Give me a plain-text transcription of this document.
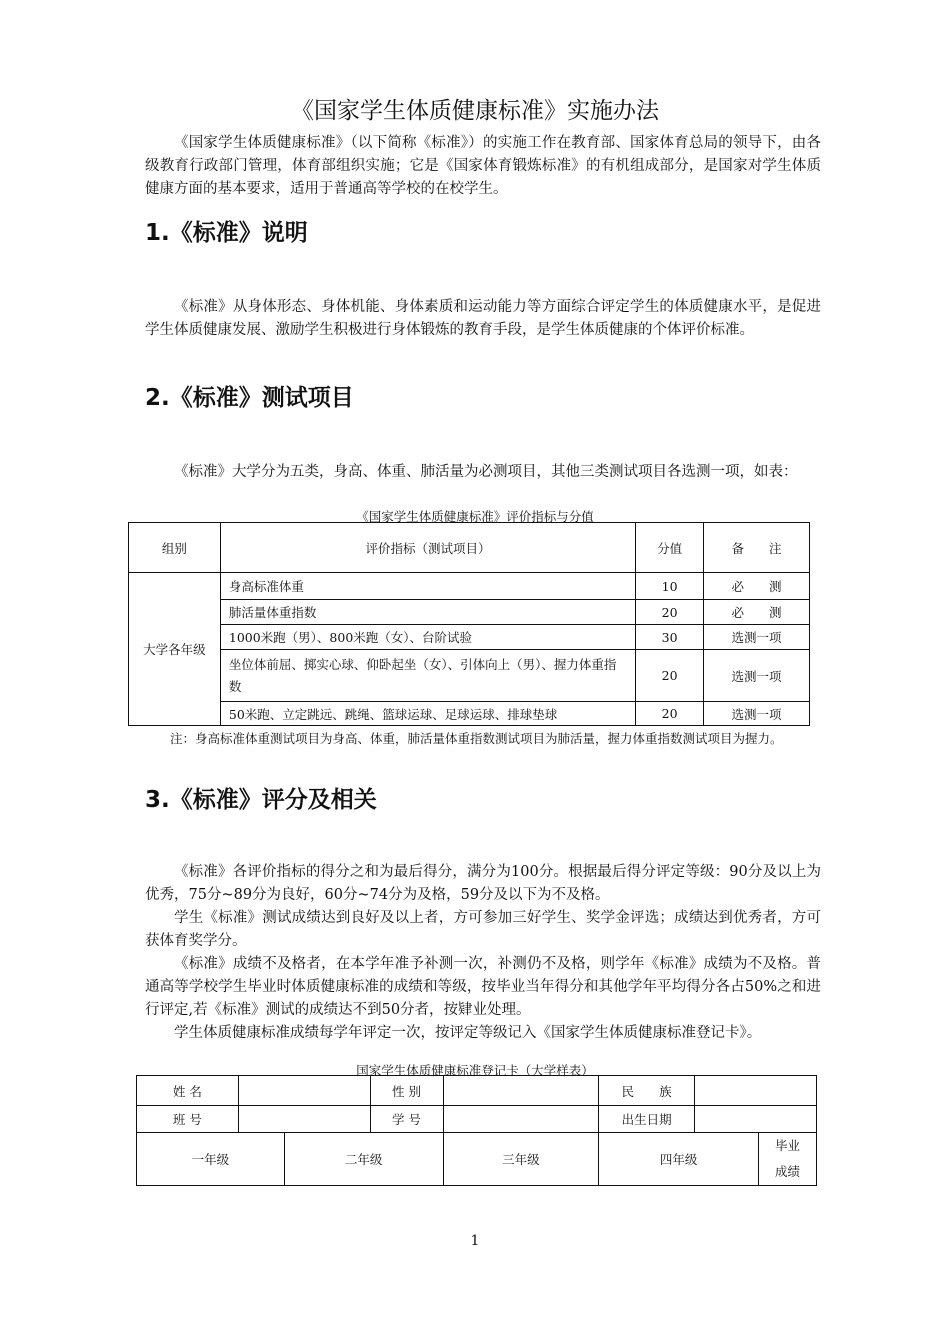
《国家学生体质健康标准》实施办法

《国家学生体质健康标准》（以下简称《标准》）的实施工作在教育部、国家体育总局的领导下，由各级教育行政部门管理，体育部组织实施；它是《国家体育锻炼标准》的有机组成部分，是国家对学生体质健康方面的基本要求，适用于普通高等学校的在校学生。

1.《标准》说明

《标准》从身体形态、身体机能、身体素质和运动能力等方面综合评定学生的体质健康水平，是促进学生体质健康发展、激励学生积极进行身体锻炼的教育手段，是学生体质健康的个体评价标准。

2.《标准》测试项目

《标准》大学分为五类，身高、体重、肺活量为必测项目，其他三类测试项目各选测一项，如表：

《国家学生体质健康标准》评价指标与分值
组别	评价指标（测试项目）	分值	备　　注
大学各年级	身高标准体重	10	必　　测
	肺活量体重指数	20	必　　测
	1000米跑（男）、800米跑（女）、台阶试验	30	选测一项
	坐位体前屈、掷实心球、仰卧起坐（女）、引体向上（男）、握力体重指数	20	选测一项
	50米跑、立定跳远、跳绳、篮球运球、足球运球、排球垫球	20	选测一项

注：身高标准体重测试项目为身高、体重，肺活量体重指数测试项目为肺活量，握力体重指数测试项目为握力。

3.《标准》评分及相关

《标准》各评价指标的得分之和为最后得分，满分为100分。根据最后得分评定等级：90分及以上为优秀，75分~89分为良好，60分~74分为及格，59分及以下为不及格。

学生《标准》测试成绩达到良好及以上者，方可参加三好学生、奖学金评选；成绩达到优秀者，方可获体育奖学分。

《标准》成绩不及格者，在本学年准予补测一次，补测仍不及格，则学年《标准》成绩为不及格。普通高等学校学生毕业时体质健康标准的成绩和等级，按毕业当年得分和其他学年平均得分各占50%之和进行评定,若《标准》测试的成绩达不到50分者，按肄业处理。

学生体质健康标准成绩每学年评定一次，按评定等级记入《国家学生体质健康标准登记卡》。

国家学生体质健康标准登记卡（大学样表）
姓 名			性 别		民　　族		
班 号			学 号		出生日期		
一年级		二年级		三年级	四年级		毕业
成绩
1
